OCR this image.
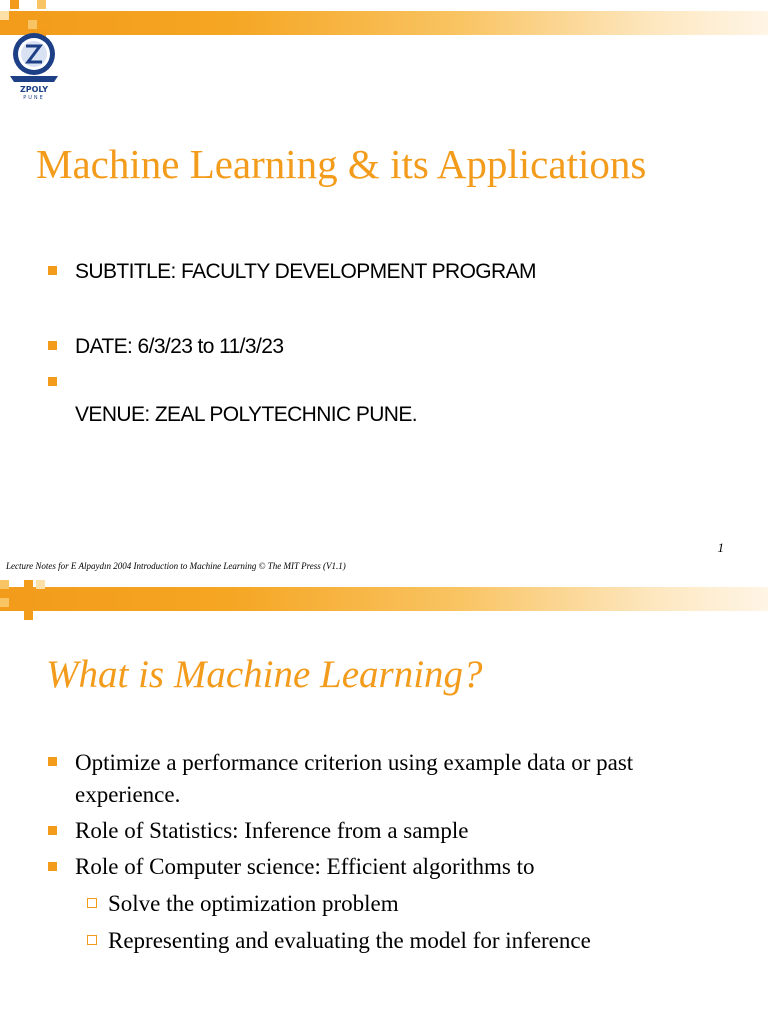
ZPOLY
PUNE
Machine Learning & its Applications
SUBTITLE: FACULTY DEVELOPMENT PROGRAM
DATE: 6/3/23 to 11/3/23
VENUE: ZEAL POLYTECHNIC PUNE.
1
Lecture Notes for E Alpaydın 2004 Introduction to Machine Learning © The MIT Press (V1.1)
What is Machine Learning?
Optimize a performance criterion using example data or past experience.
Role of Statistics: Inference from a sample
Role of Computer science: Efficient algorithms to
Solve the optimization problem
Representing and evaluating the model for inference
